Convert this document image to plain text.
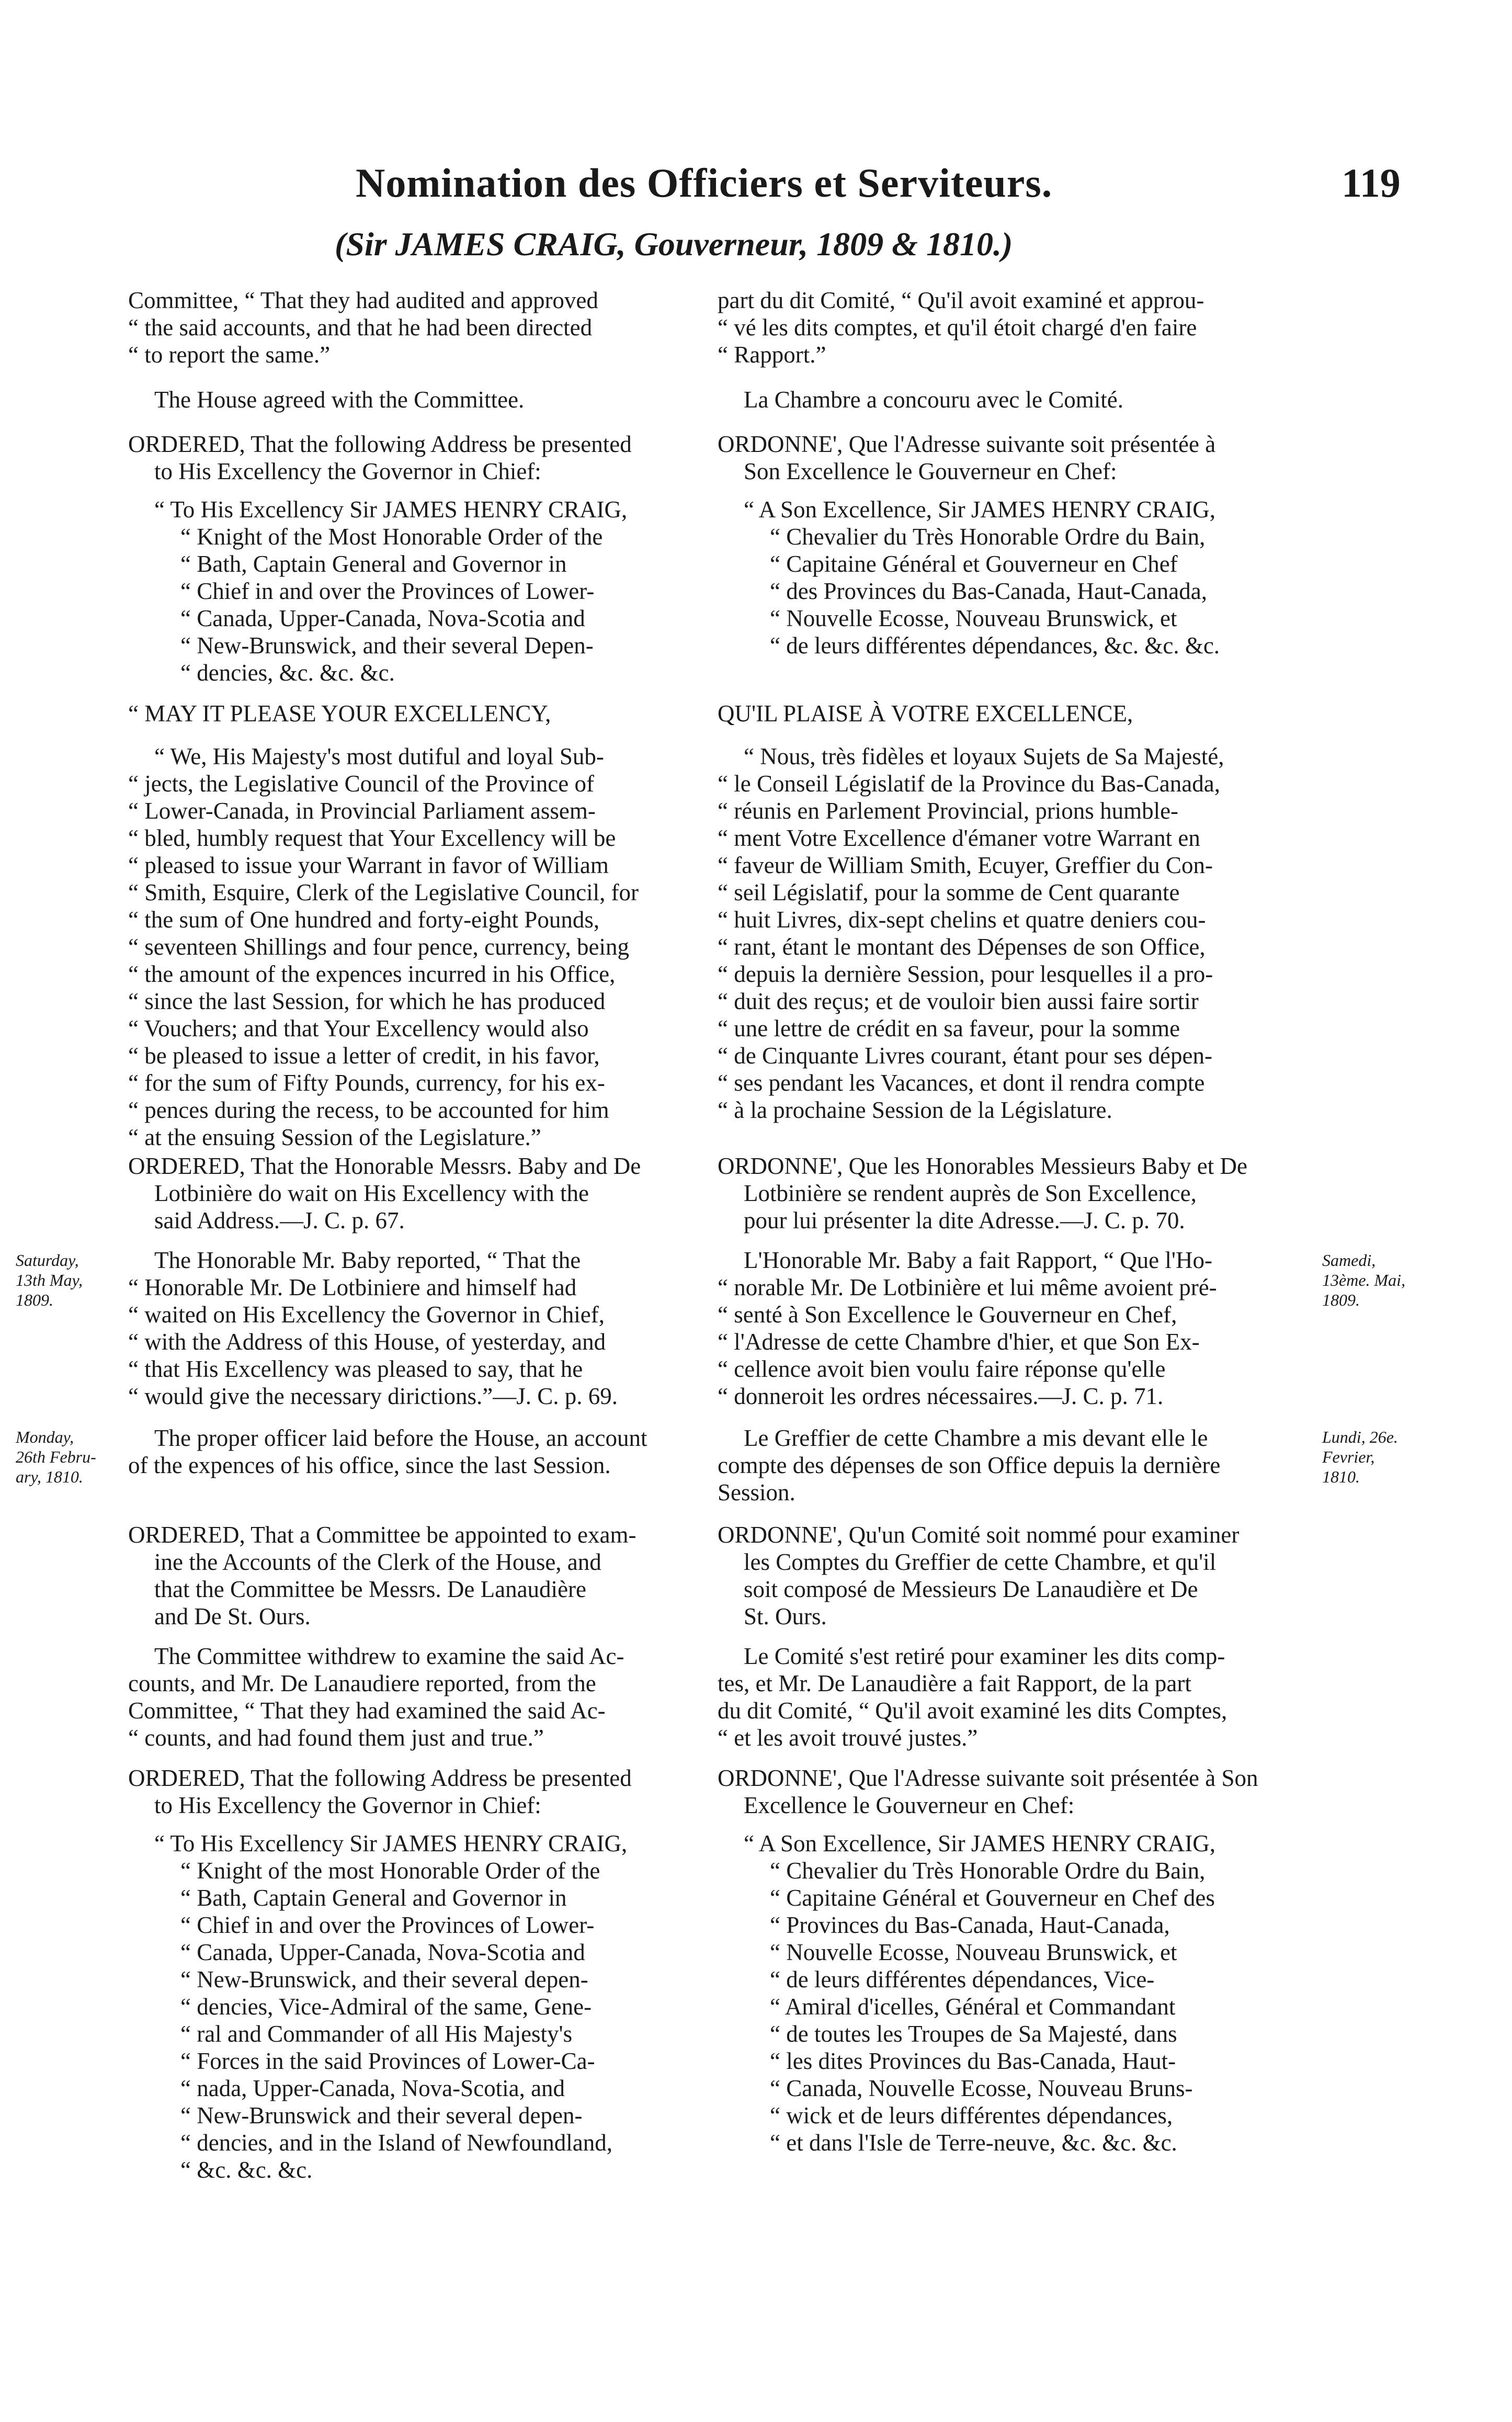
Nomination des Officiers et Serviteurs.	119
(Sir JAMES CRAIG, Gouverneur, 1809 & 1810.)
Committee, “ That they had audited and approved
“ the said accounts, and that he had been directed
“ to report the same.”
The House agreed with the Committee.
ORDERED, That the following Address be presented
to His Excellency the Governor in Chief:
“ To His Excellency Sir JAMES HENRY CRAIG,
“ Knight of the Most Honorable Order of the
“ Bath, Captain General and Governor in
“ Chief in and over the Provinces of Lower-
“ Canada, Upper-Canada, Nova-Scotia and
“ New-Brunswick, and their several Depen-
“ dencies, &c. &c. &c.
“ MAY IT PLEASE YOUR EXCELLENCY,
“ We, His Majesty's most dutiful and loyal Sub-
“ jects, the Legislative Council of the Province of
“ Lower-Canada, in Provincial Parliament assem-
“ bled, humbly request that Your Excellency will be
“ pleased to issue your Warrant in favor of William
“ Smith, Esquire, Clerk of the Legislative Council, for
“ the sum of One hundred and forty-eight Pounds,
“ seventeen Shillings and four pence, currency, being
“ the amount of the expences incurred in his Office,
“ since the last Session, for which he has produced
“ Vouchers; and that Your Excellency would also
“ be pleased to issue a letter of credit, in his favor,
“ for the sum of Fifty Pounds, currency, for his ex-
“ pences during the recess, to be accounted for him
“ at the ensuing Session of the Legislature.”
ORDERED, That the Honorable Messrs. Baby and De
Lotbinière do wait on His Excellency with the
said Address.—J. C. p. 67.
The Honorable Mr. Baby reported, “ That the
“ Honorable Mr. De Lotbiniere and himself had
“ waited on His Excellency the Governor in Chief,
“ with the Address of this House, of yesterday, and
“ that His Excellency was pleased to say, that he
“ would give the necessary dirictions.”—J. C. p. 69.
The proper officer laid before the House, an account
of the expences of his office, since the last Session.
ORDERED, That a Committee be appointed to exam-
ine the Accounts of the Clerk of the House, and
that the Committee be Messrs. De Lanaudière
and De St. Ours.
The Committee withdrew to examine the said Ac-
counts, and Mr. De Lanaudiere reported, from the
Committee, “ That they had examined the said Ac-
“ counts, and had found them just and true.”
ORDERED, That the following Address be presented
to His Excellency the Governor in Chief:
“ To His Excellency Sir JAMES HENRY CRAIG,
“ Knight of the most Honorable Order of the
“ Bath, Captain General and Governor in
“ Chief in and over the Provinces of Lower-
“ Canada, Upper-Canada, Nova-Scotia and
“ New-Brunswick, and their several depen-
“ dencies, Vice-Admiral of the same, Gene-
“ ral and Commander of all His Majesty's
“ Forces in the said Provinces of Lower-Ca-
“ nada, Upper-Canada, Nova-Scotia, and
“ New-Brunswick and their several depen-
“ dencies, and in the Island of Newfoundland,
“ &c. &c. &c.
part du dit Comité, “ Qu'il avoit examiné et approu-
“ vé les dits comptes, et qu'il étoit chargé d'en faire
“ Rapport.”
La Chambre a concouru avec le Comité.
ORDONNE', Que l'Adresse suivante soit présentée à
Son Excellence le Gouverneur en Chef:
“ A Son Excellence, Sir JAMES HENRY CRAIG,
“ Chevalier du Très Honorable Ordre du Bain,
“ Capitaine Général et Gouverneur en Chef
“ des Provinces du Bas-Canada, Haut-Canada,
“ Nouvelle Ecosse, Nouveau Brunswick, et
“ de leurs différentes dépendances, &c. &c. &c.
QU'IL PLAISE À VOTRE EXCELLENCE,
“ Nous, très fidèles et loyaux Sujets de Sa Majesté,
“ le Conseil Législatif de la Province du Bas-Canada,
“ réunis en Parlement Provincial, prions humble-
“ ment Votre Excellence d'émaner votre Warrant en
“ faveur de William Smith, Ecuyer, Greffier du Con-
“ seil Législatif, pour la somme de Cent quarante
“ huit Livres, dix-sept chelins et quatre deniers cou-
“ rant, étant le montant des Dépenses de son Office,
“ depuis la dernière Session, pour lesquelles il a pro-
“ duit des reçus; et de vouloir bien aussi faire sortir
“ une lettre de crédit en sa faveur, pour la somme
“ de Cinquante Livres courant, étant pour ses dépen-
“ ses pendant les Vacances, et dont il rendra compte
“ à la prochaine Session de la Législature.
ORDONNE', Que les Honorables Messieurs Baby et De
Lotbinière se rendent auprès de Son Excellence,
pour lui présenter la dite Adresse.—J. C. p. 70.
L'Honorable Mr. Baby a fait Rapport, “ Que l'Ho-
“ norable Mr. De Lotbinière et lui même avoient pré-
“ senté à Son Excellence le Gouverneur en Chef,
“ l'Adresse de cette Chambre d'hier, et que Son Ex-
“ cellence avoit bien voulu faire réponse qu'elle
“ donneroit les ordres nécessaires.—J. C. p. 71.
Le Greffier de cette Chambre a mis devant elle le
compte des dépenses de son Office depuis la dernière
Session.
ORDONNE', Qu'un Comité soit nommé pour examiner
les Comptes du Greffier de cette Chambre, et qu'il
soit composé de Messieurs De Lanaudière et De
St. Ours.
Le Comité s'est retiré pour examiner les dits comp-
tes, et Mr. De Lanaudière a fait Rapport, de la part
du dit Comité, “ Qu'il avoit examiné les dits Comptes,
“ et les avoit trouvé justes.”
ORDONNE', Que l'Adresse suivante soit présentée à Son
Excellence le Gouverneur en Chef:
“ A Son Excellence, Sir JAMES HENRY CRAIG,
“ Chevalier du Très Honorable Ordre du Bain,
“ Capitaine Général et Gouverneur en Chef des
“ Provinces du Bas-Canada, Haut-Canada,
“ Nouvelle Ecosse, Nouveau Brunswick, et
“ de leurs différentes dépendances, Vice-
“ Amiral d'icelles, Général et Commandant
“ de toutes les Troupes de Sa Majesté, dans
“ les dites Provinces du Bas-Canada, Haut-
“ Canada, Nouvelle Ecosse, Nouveau Bruns-
“ wick et de leurs différentes dépendances,
“ et dans l'Isle de Terre-neuve, &c. &c. &c.
Saturday,
13th May,
1809.
Monday,
26th Febru-
ary, 1810.
Samedi,
13ème. Mai,
1809.
Lundi, 26e.
Fevrier,
1810.
